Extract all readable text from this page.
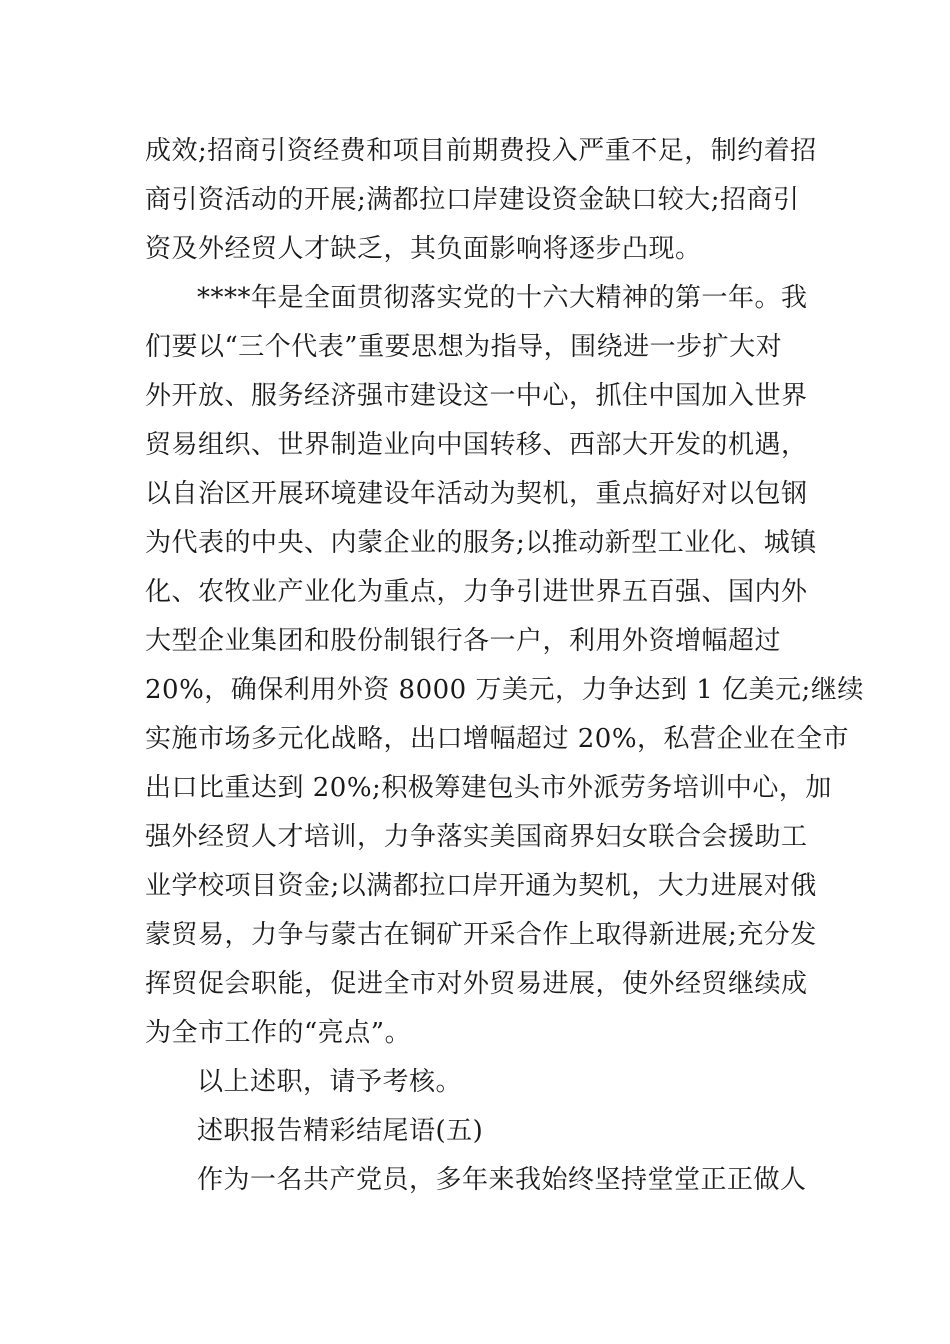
成效;招商引资经费和项目前期费投入严重不足，制约着招
商引资活动的开展;满都拉口岸建设资金缺口较大;招商引
资及外经贸人才缺乏，其负面影响将逐步凸现。
****年是全面贯彻落实党的十六大精神的第一年。我
们要以“三个代表”重要思想为指导，围绕进一步扩大对
外开放、服务经济强市建设这一中心，抓住中国加入世界
贸易组织、世界制造业向中国转移、西部大开发的机遇，
以自治区开展环境建设年活动为契机，重点搞好对以包钢
为代表的中央、内蒙企业的服务;以推动新型工业化、城镇
化、农牧业产业化为重点，力争引进世界五百强、国内外
大型企业集团和股份制银行各一户，利用外资增幅超过
20%，确保利用外资 8000 万美元，力争达到 1 亿美元;继续
实施市场多元化战略，出口增幅超过 20%，私营企业在全市
出口比重达到 20%;积极筹建包头市外派劳务培训中心，加
强外经贸人才培训，力争落实美国商界妇女联合会援助工
业学校项目资金;以满都拉口岸开通为契机，大力进展对俄
蒙贸易，力争与蒙古在铜矿开采合作上取得新进展;充分发
挥贸促会职能，促进全市对外贸易进展，使外经贸继续成
为全市工作的“亮点”。
以上述职，请予考核。
述职报告精彩结尾语(五)
作为一名共产党员，多年来我始终坚持堂堂正正做人
